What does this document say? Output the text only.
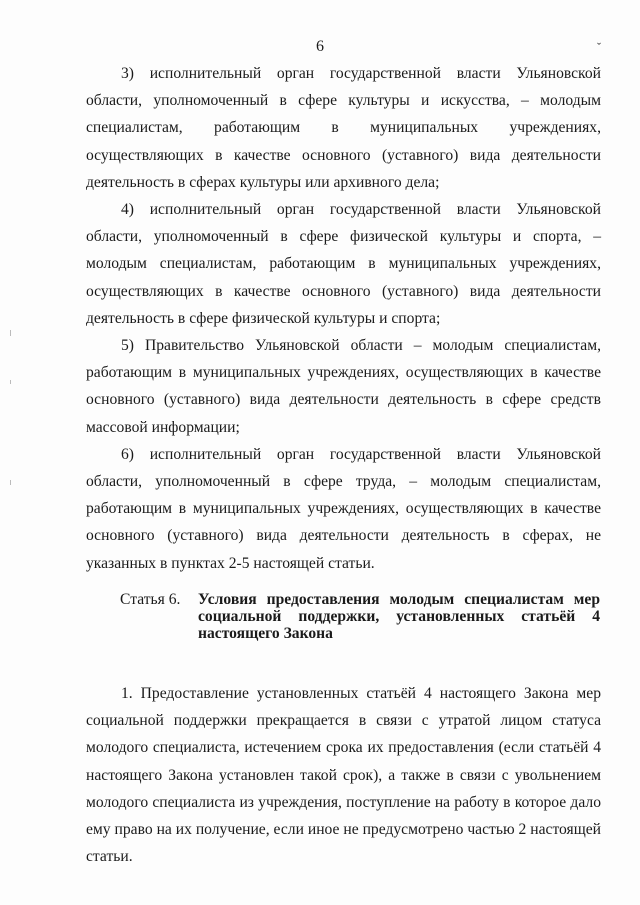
6	ˇ

3) исполнительный орган государственной власти Ульяновской области, уполномоченный в сфере культуры и искусства, – молодым специалистам, работающим в муниципальных учреждениях, осуществляющих в качестве основного (уставного) вида деятельности деятельность в сферах культуры или архивного дела;

4) исполнительный орган государственной власти Ульяновской области, уполномоченный в сфере физической культуры и спорта, – молодым специалистам, работающим в муниципальных учреждениях, осуществляющих в качестве основного (уставного) вида деятельности деятельность в сфере физической культуры и спорта;

5) Правительство Ульяновской области – молодым специалистам, работающим в муниципальных учреждениях, осуществляющих в качестве основного (уставного) вида деятельности деятельность в сфере средств массовой информации;

6) исполнительный орган государственной власти Ульяновской области, уполномоченный в сфере труда, – молодым специалистам, работающим в муниципальных учреждениях, осуществляющих в качестве основного (уставного) вида деятельности деятельность в сферах, не указанных в пунктах 2-5 настоящей статьи.

Статья 6. Условия предоставления молодым специалистам мер социальной поддержки, установленных статьёй 4 настоящего Закона

1. Предоставление установленных статьёй 4 настоящего Закона мер социальной поддержки прекращается в связи с утратой лицом статуса молодого специалиста, истечением срока их предоставления (если статьёй 4 настоящего Закона установлен такой срок), а также в связи с увольнением молодого специалиста из учреждения, поступление на работу в которое дало ему право на их получение, если иное не предусмотрено частью 2 настоящей статьи.
